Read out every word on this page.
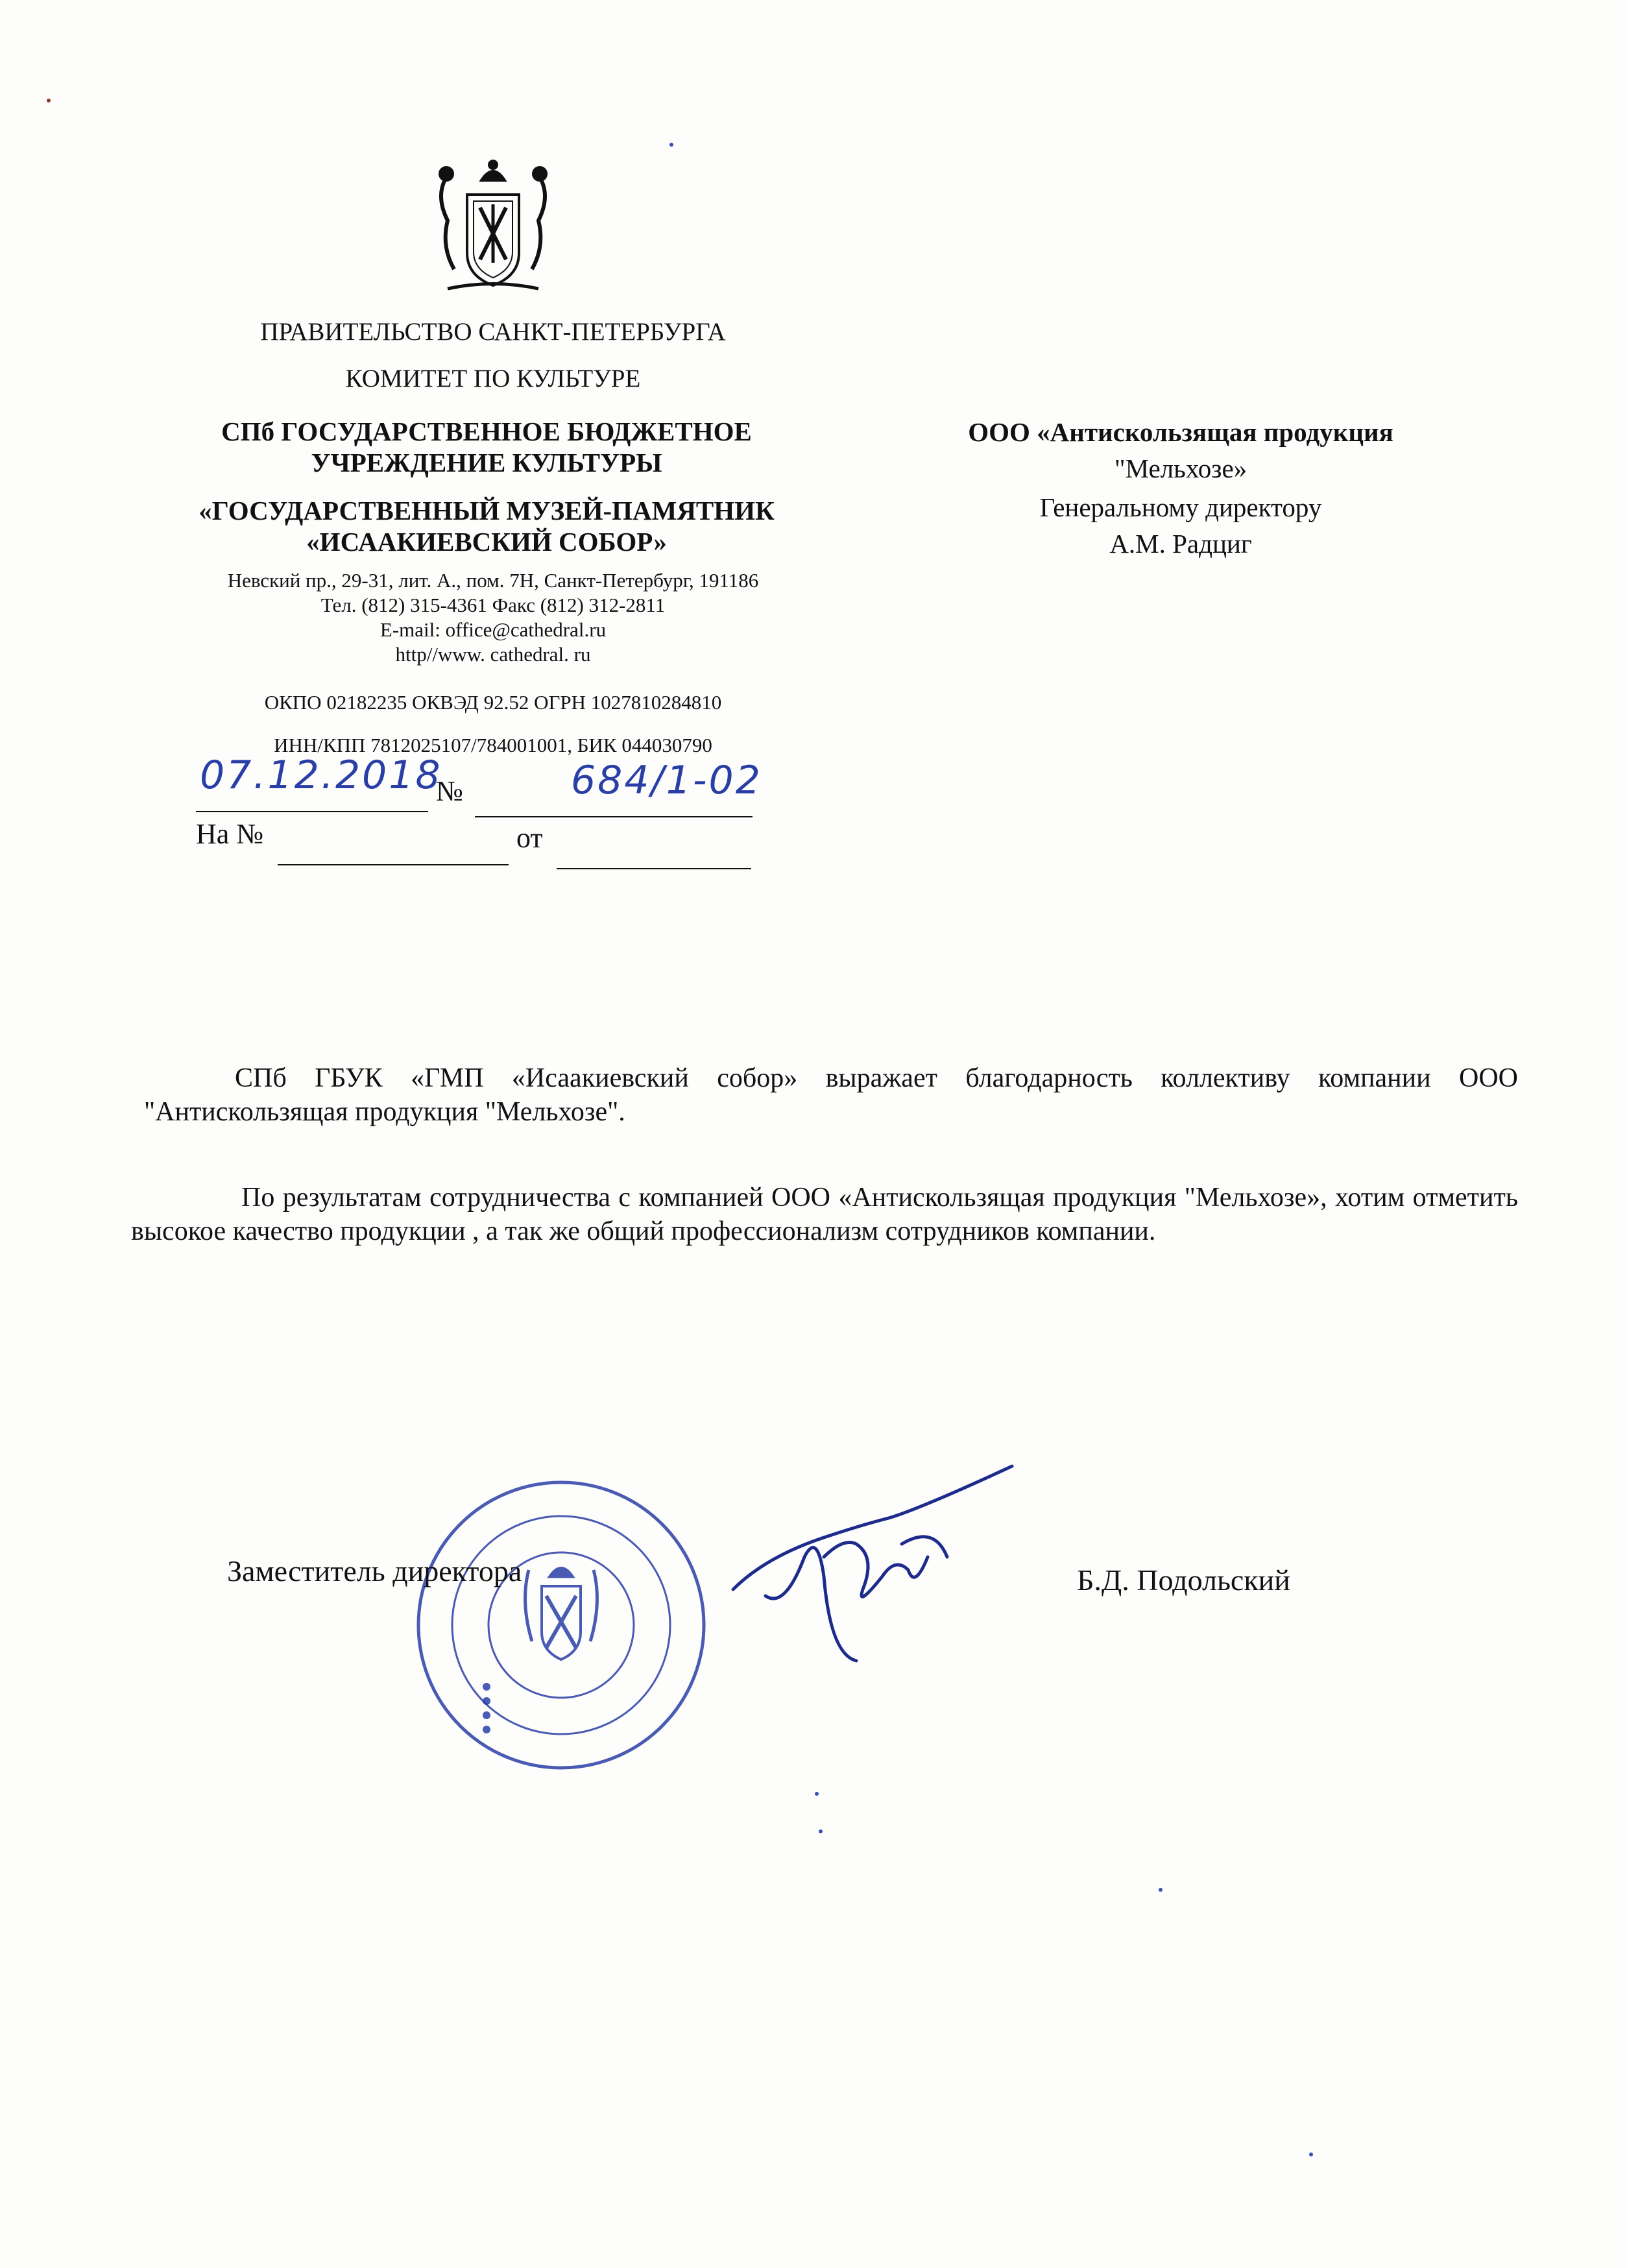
ПРАВИТЕЛЬСТВО САНКТ-ПЕТЕРБУРГА
КОМИТЕТ ПО КУЛЬТУРЕ
СПб ГОСУДАРСТВЕННОЕ БЮДЖЕТНОЕ
УЧРЕЖДЕНИЕ КУЛЬТУРЫ
«ГОСУДАРСТВЕННЫЙ МУЗЕЙ-ПАМЯТНИК
«ИСААКИЕВСКИЙ СОБОР»
Невский пр., 29-31, лит. А., пом. 7Н, Санкт-Петербург, 191186
Тел. (812) 315-4361 Факс (812) 312-2811
E-mail: office@cathedral.ru
http//www. cathedral. ru
ОКПО 02182235 ОКВЭД 92.52 ОГРН 1027810284810
ИНН/КПП 7812025107/784001001, БИК 044030790
07.12.2018
№	684/1-02
На №	от
ООО «Антискользящая продукция
"Мельхозе»
Генеральному директору
А.М. Радциг
СПб ГБУК «ГМП «Исаакиевский собор» выражает благодарность коллективу компании ООО "Антискользящая продукция "Мельхозе".
По результатам сотрудничества с компанией ООО «Антискользящая продукция "Мельхозе», хотим отметить высокое качество продукции , а так же общий профессионализм сотрудников компании.
Заместитель директора	Б.Д. Подольский
